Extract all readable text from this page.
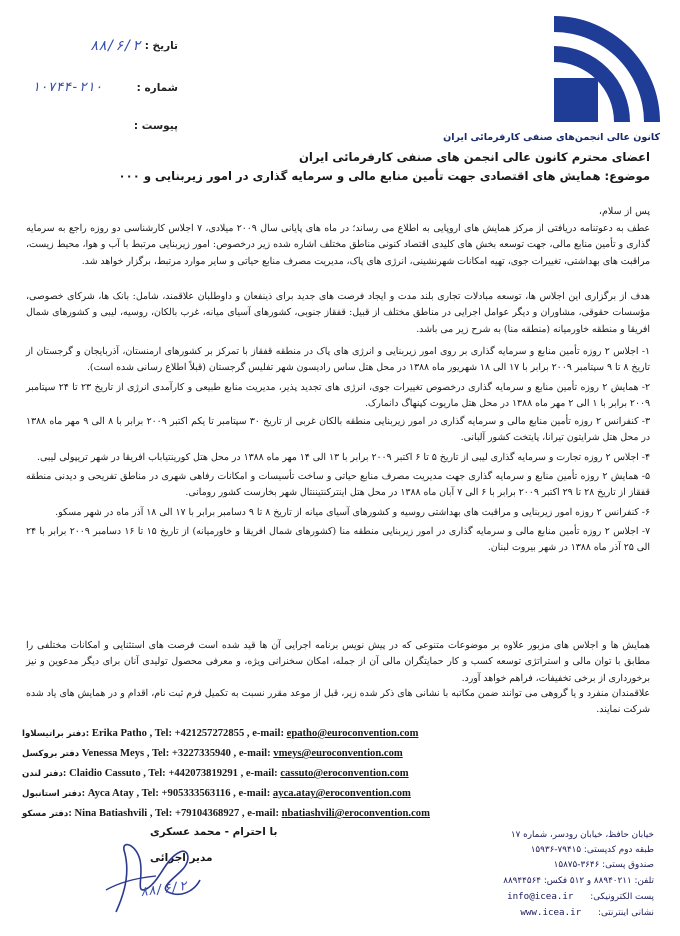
تاریخ :
۸۸/۶/۲
شماره :
۱۰۷۴۴-۲۱۰
پیوست :
کانون عالی انجمن‌های صنفی کارفرمائی ایران
اعضای محترم کانون عالی انجمن های صنفی کارفرمائی ایران
موضوع: همایش های اقتصادی جهت تأمین منابع مالی و سرمایه گذاری در امور زیربنایی و ۰۰۰
پس از سلام،
عطف به دعوتنامه دریافتی از مرکز همایش های اروپایی به اطلاع می رساند؛ در ماه های پایانی سال ۲۰۰۹ میلادی، ۷ اجلاس کارشناسی دو روزه راجع به سرمایه گذاری و تأمین منابع مالی، جهت توسعه بخش های کلیدی اقتصاد کنونی مناطق مختلف اشاره شده زیر درخصوص: امور زیربنایی مرتبط با آب و هوا، محیط زیست، مراقبت های بهداشتی، تغییرات جوی، تهیه امکانات شهرنشینی، انرژی های پاک، مدیریت مصرف منابع حیاتی و سایر موارد مرتبط، برگزار خواهد شد.
هدف از برگزاری این اجلاس ها، توسعه مبادلات تجاری بلند مدت و ایجاد فرصت های جدید برای ذینفعان و داوطلبان علاقمند، شامل: بانک ها، شرکای خصوصی، مؤسسات حقوقی، مشاوران و دیگر عوامل اجرایی در مناطق مختلف از قبیل: قفقاز جنوبی، کشورهای آسیای میانه، غرب بالکان، روسیه، لیبی و کشورهای شمال افریقا و منطقه خاورمیانه (منطقه منا) به شرح زیر می باشد.
۱- اجلاس ۲ روزه تأمین منابع و سرمایه گذاری بر روی امور زیربنایی و انرژی های پاک در منطقه قفقاز با تمرکز بر کشورهای ارمنستان، آذربایجان و گرجستان از تاریخ ۸ تا ۹ سپتامبر ۲۰۰۹ برابر با ۱۷ الی ۱۸ شهریور ماه ۱۳۸۸ در محل هتل ساس رادیسون شهر تفلیس گرجستان (قبلاً اطلاع رسانی شده است).
۲- همایش ۲ روزه تأمین منابع و سرمایه گذاری درخصوص تغییرات جوی، انرژی های تجدید پذیر، مدیریت منابع طبیعی و کارآمدی انرژی از تاریخ ۲۳ تا ۲۴ سپتامبر ۲۰۰۹ برابر با ۱ الی ۲ مهر ماه ۱۳۸۸ در محل هتل ماریوت کپنهاگ دانمارک.
۳- کنفرانس ۲ روزه تأمین منابع مالی و سرمایه گذاری در امور زیربنایی منطقه بالکان غربی از تاریخ ۳۰ سپتامبر تا یکم اکتبر ۲۰۰۹ برابر با ۸ الی ۹ مهر ماه ۱۳۸۸ در محل هتل شرایتون تیرانا، پایتخت کشور آلبانی.
۴- اجلاس ۲ روزه تجارت و سرمایه گذاری لیبی از تاریخ ۵ تا ۶ اکتبر ۲۰۰۹ برابر با ۱۳ الی ۱۴ مهر ماه ۱۳۸۸ در محل هتل کورینتیاباب افریقا در شهر تریپولی لیبی.
۵- همایش ۲ روزه تأمین منابع و سرمایه گذاری جهت مدیریت مصرف منابع حیاتی و ساخت تأسیسات و امکانات رفاهی شهری در مناطق تفریحی و دیدنی منطقه قفقاز از تاریخ ۲۸ تا ۲۹ اکتبر ۲۰۰۹ برابر با ۶ الی ۷ آبان ماه ۱۳۸۸ در محل هتل اینترکنتیننتال شهر بخارست کشور رومانی.
۶- کنفرانس ۲ روزه امور زیربنایی و مراقبت های بهداشتی روسیه و کشورهای آسیای میانه از تاریخ ۸ تا ۹ دسامبر برابر با ۱۷ الی ۱۸ آذر ماه در شهر مسکو.
۷- اجلاس ۲ روزه تأمین منابع مالی و سرمایه گذاری در امور زیربنایی منطقه منا (کشورهای شمال افریقا و خاورمیانه) از تاریخ ۱۵ تا ۱۶ دسامبر ۲۰۰۹ برابر با ۲۴ الی ۲۵ آذر ماه ۱۳۸۸ در شهر بیروت لبنان.
همایش ها و اجلاس های مزبور علاوه بر موضوعات متنوعی که در پیش نویس برنامه اجرایی آن ها قید شده است فرصت های استثنایی و امکانات مختلفی را مطابق با توان مالی و استراتژی توسعه کسب و کار حمایتگران مالی آن از جمله، امکان سخنرانی ویژه، و معرفی محصول تولیدی آنان برای دیگر مدعوین و نیز برخورداری از برخی تخفیفات، فراهم خواهد آورد.
علاقمندان منفرد و یا گروهی می توانند ضمن مکاتبه با نشانی های ذکر شده زیر، قبل از موعد مقرر نسبت به تکمیل فرم ثبت نام، اقدام و در همایش های یاد شده شرکت نمایند.
دفتر براتیسلاوا: Erika Patho , Tel: +421257272855 , e-mail: epatho@euroconvention.com
دفتر بروکسل Venessa Meys , Tel: +3227335940 , e-mail: vmeys@euroconvention.com
دفتر لندن: Claidio Cassuto , Tel: +442073819291 , e-mail: cassuto@eroconvention.com
دفتر استانبول: Ayca Atay , Tel: +905333563116 , e-mail: ayca.atay@eroconvention.com
دفتر مسکو: Nina Batiashvili , Tel: +79104368927 , e-mail: nbatiashvili@eroconvention.com
با احترام - محمد عسکری
مدیر اجرائی
۸۸/۶/۲
خیابان حافظ، خیابان رودسر، شماره ۱۷
طبقه دوم کدپستی: ۷۹۴۱۵-۱۵۹۳۶
صندوق پستی: ۳۶۴۶-۱۵۸۷۵
تلفن: ۸۸۹۴۰۲۱۱ و ۵۱۲ فکس: ۸۸۹۴۴۵۶۴
پست الکترونیکی: info@icea.ir
نشانی اینترنتی: www.icea.ir
